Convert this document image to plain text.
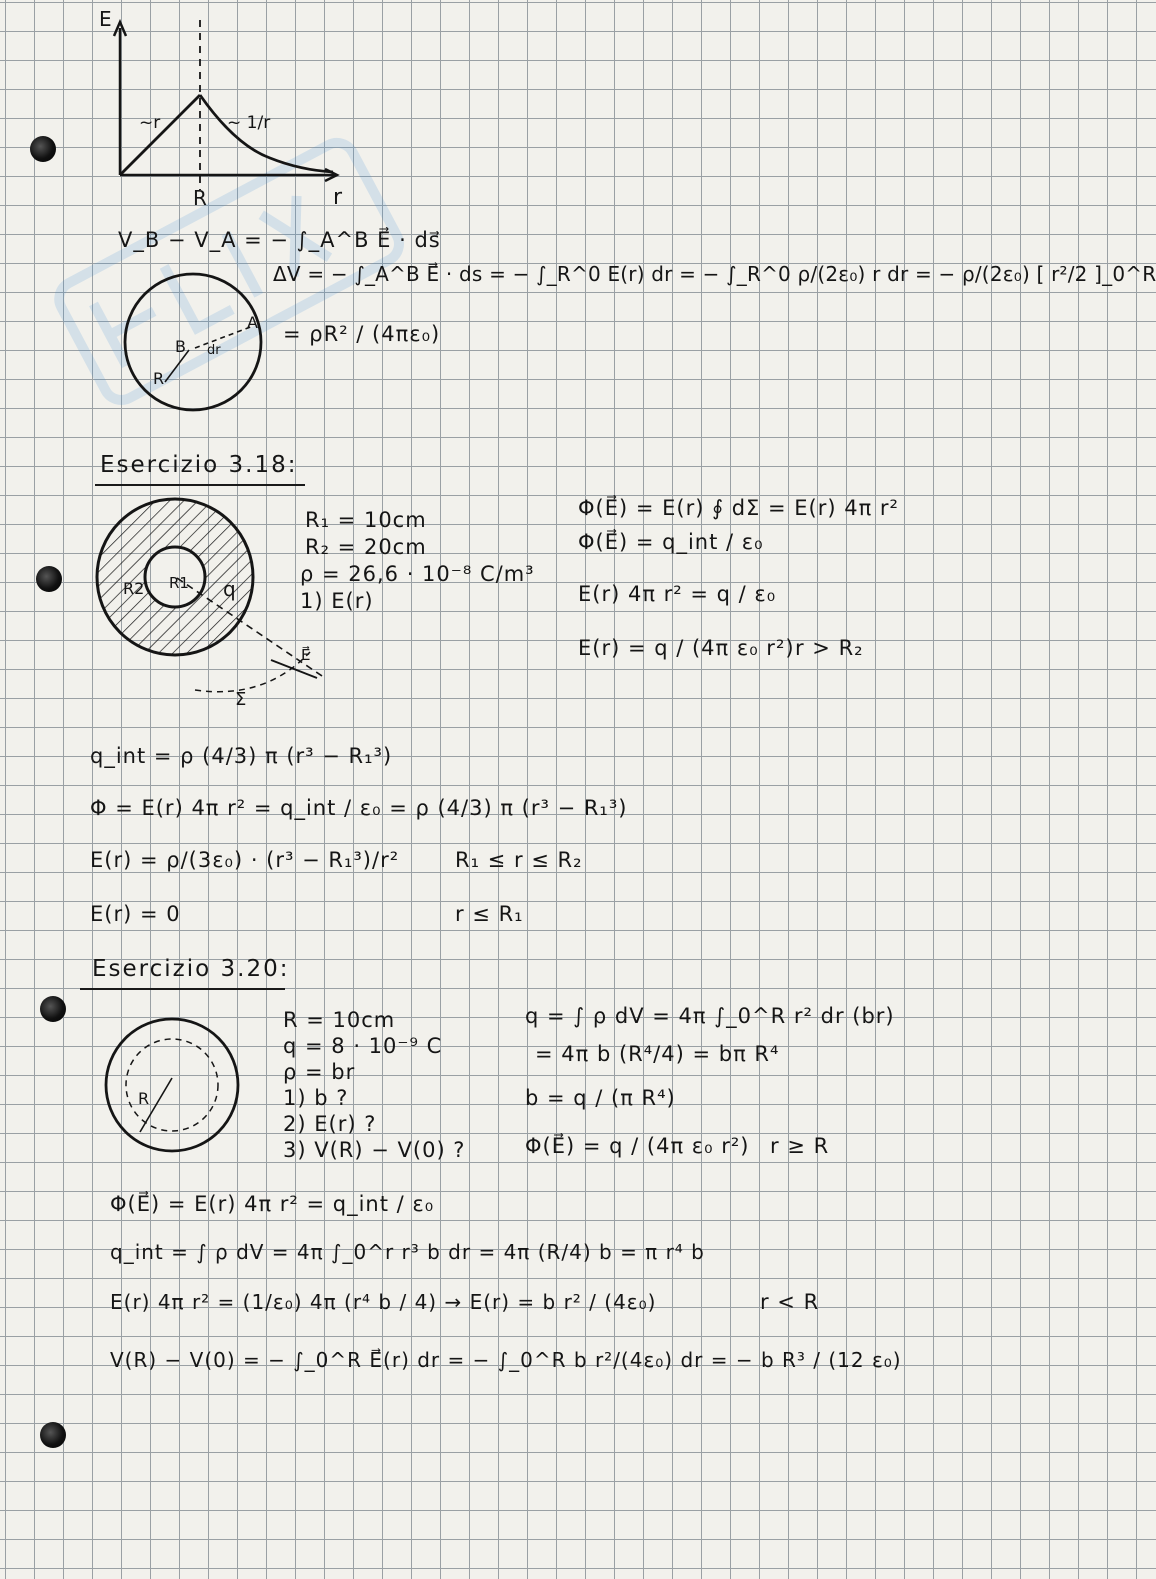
E
r
R
~r	~ 1/r
V_B − V_A = − ∫_A^B E⃗ · ds⃗
ΔV = − ∫_A^B E⃗ · ds = − ∫_R^0 E(r) dr = − ∫_R^0 ρ/(2ε₀) r dr = − ρ/(2ε₀) [ r²/2 ]_0^R
= ρR² / (4πε₀)
A
B dr
R
Esercizio 3.18:
R2 R1 q
E⃗
Σ
R₁ = 10cm
R₂ = 20cm
ρ = 26,6 · 10⁻⁸ C/m³
1) E(r)
Φ(E⃗) = E(r) ∮ dΣ = E(r) 4π r²
Φ(E⃗) = q_int / ε₀
E(r) 4π r² = q / ε₀
E(r) = q / (4π ε₀ r²) r > R₂
q_int = ρ (4/3) π (r³ − R₁³)
Φ = E(r) 4π r² = q_int / ε₀ = ρ (4/3) π (r³ − R₁³)
E(r) = ρ/(3ε₀) · (r³ − R₁³)/r²	R₁ ≤ r ≤ R₂
E(r) = 0	r ≤ R₁
Esercizio 3.20:
R
R = 10cm
q = 8 · 10⁻⁹ C
ρ = br
1) b ?
2) E(r) ?
3) V(R) − V(0) ?
q = ∫ ρ dV = 4π ∫_0^R r² dr (br)
= 4π b (R⁴/4) = bπ R⁴
b = q / (π R⁴)
Φ(E⃗) = q / (4π ε₀ r²) r ≥ R
Φ(E⃗) = E(r) 4π r² = q_int / ε₀
q_int = ∫ ρ dV = 4π ∫_0^r r³ b dr = 4π (R/4) b = π r⁴ b
E(r) 4π r² = (1/ε₀) 4π (r⁴ b / 4) → E(r) = b r² / (4ε₀)	r < R
V(R) − V(0) = − ∫_0^R E⃗(r) dr = − ∫_0^R b r²/(4ε₀) dr = − b R³ / (12 ε₀)
